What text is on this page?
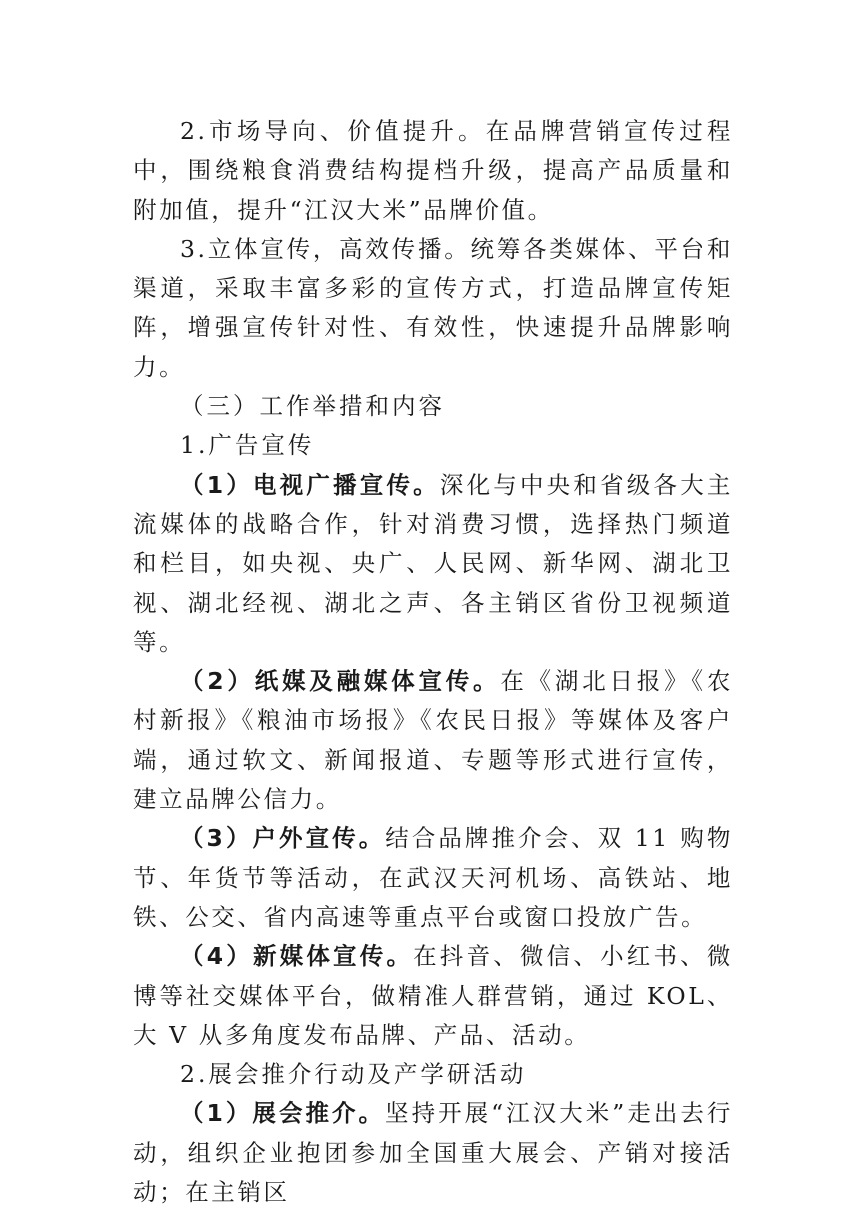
2.市场导向、价值提升。在品牌营销宣传过程中，围绕粮食消费结构提档升级，提高产品质量和附加值，提升“江汉大米”品牌价值。

3.立体宣传，高效传播。统筹各类媒体、平台和渠道，采取丰富多彩的宣传方式，打造品牌宣传矩阵，增强宣传针对性、有效性，快速提升品牌影响力。

（三）工作举措和内容

1.广告宣传

（1）电视广播宣传。深化与中央和省级各大主流媒体的战略合作，针对消费习惯，选择热门频道和栏目，如央视、央广、人民网、新华网、湖北卫视、湖北经视、湖北之声、各主销区省份卫视频道等。

（2）纸媒及融媒体宣传。在《湖北日报》《农村新报》《粮油市场报》《农民日报》等媒体及客户端，通过软文、新闻报道、专题等形式进行宣传，建立品牌公信力。

（3）户外宣传。结合品牌推介会、双 11 购物节、年货节等活动，在武汉天河机场、高铁站、地铁、公交、省内高速等重点平台或窗口投放广告。

（4）新媒体宣传。在抖音、微信、小红书、微博等社交媒体平台，做精准人群营销，通过 KOL、大 V 从多角度发布品牌、产品、活动。

2.展会推介行动及产学研活动

（1）展会推介。坚持开展“江汉大米”走出去行动，组织企业抱团参加全国重大展会、产销对接活动；在主销区
